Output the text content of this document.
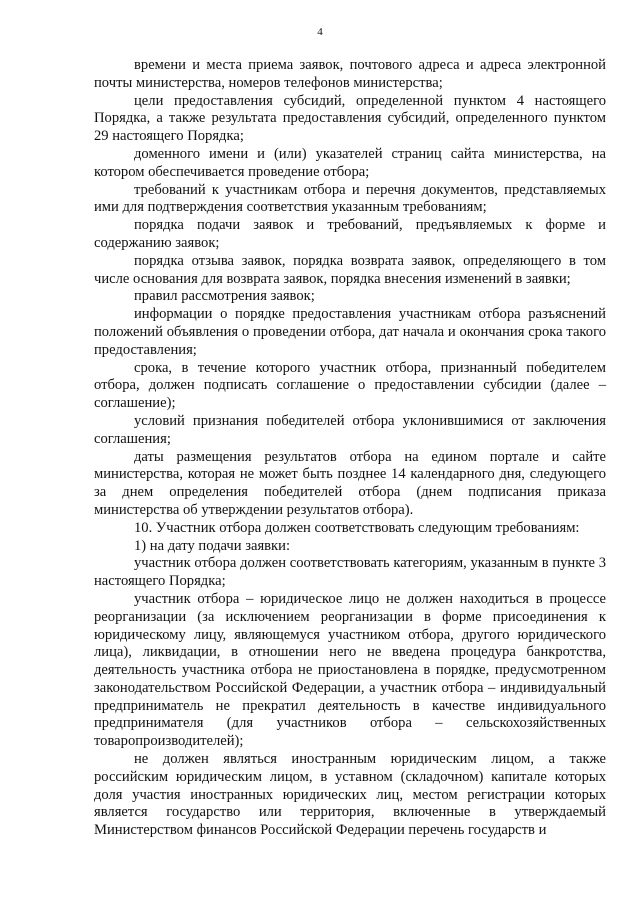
4

времени и места приема заявок, почтового адреса и адреса электронной почты министерства, номеров телефонов министерства;

цели предоставления субсидий, определенной пунктом 4 настоящего Порядка, а также результата предоставления субсидий, определенного пунктом 29 настоящего Порядка;

доменного имени и (или) указателей страниц сайта министерства, на котором обеспечивается проведение отбора;

требований к участникам отбора и перечня документов, представляемых ими для подтверждения соответствия указанным требованиям;

порядка подачи заявок и требований, предъявляемых к форме и содержанию заявок;

порядка отзыва заявок, порядка возврата заявок, определяющего в том числе основания для возврата заявок, порядка внесения изменений в заявки;

правил рассмотрения заявок;

информации о порядке предоставления участникам отбора разъяснений положений объявления о проведении отбора, дат начала и окончания срока такого предоставления;

срока, в течение которого участник отбора, признанный победителем отбора, должен подписать соглашение о предоставлении субсидии (далее – соглашение);

условий признания победителей отбора уклонившимися от заключения соглашения;

даты размещения результатов отбора на едином портале и сайте министерства, которая не может быть позднее 14 календарного дня, следующего за днем определения победителей отбора (днем подписания приказа министерства об утверждении результатов отбора).

10. Участник отбора должен соответствовать следующим требованиям:

1) на дату подачи заявки:

участник отбора должен соответствовать категориям, указанным в пункте 3 настоящего Порядка;

участник отбора – юридическое лицо не должен находиться в процессе реорганизации (за исключением реорганизации в форме присоединения к юридическому лицу, являющемуся участником отбора, другого юридического лица), ликвидации, в отношении него не введена процедура банкротства, деятельность участника отбора не приостановлена в порядке, предусмотренном законодательством Российской Федерации, а участник отбора – индивидуальный предприниматель не прекратил деятельность в качестве индивидуального предпринимателя (для участников отбора – сельскохозяйственных товаропроизводителей);

не должен являться иностранным юридическим лицом, а также российским юридическим лицом, в уставном (складочном) капитале которых доля участия иностранных юридических лиц, местом регистрации которых является государство или территория, включенные в утверждаемый Министерством финансов Российской Федерации перечень государств и
